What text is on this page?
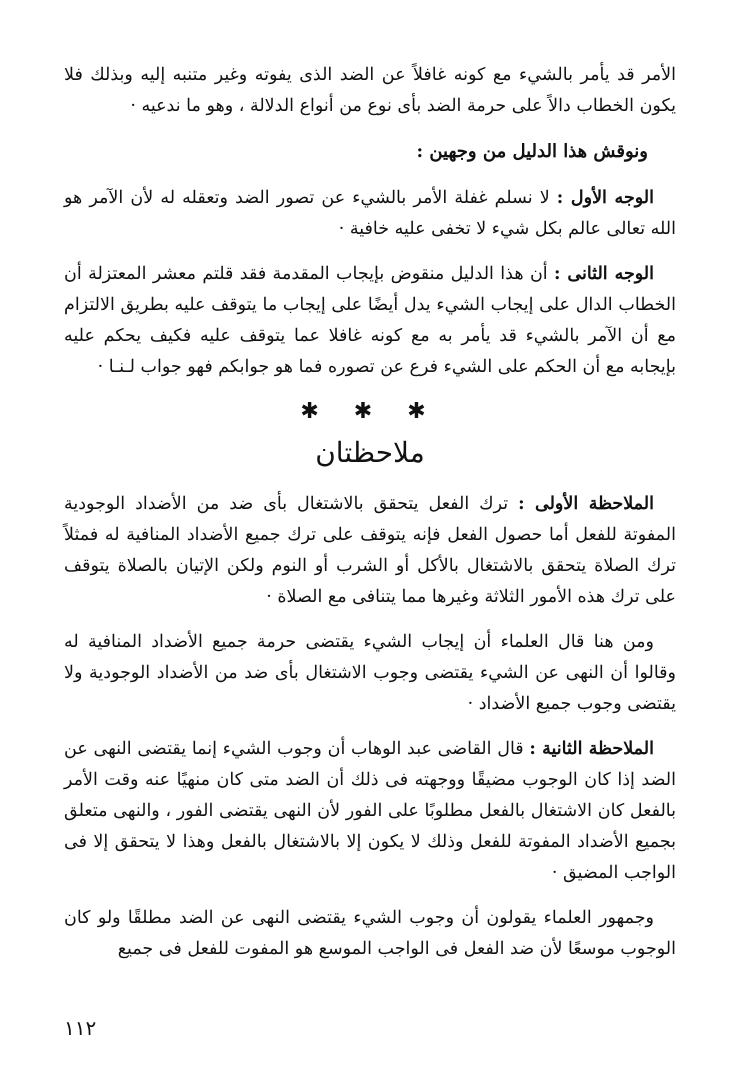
الأمر قد يأمر بالشيء مع كونه غافلاً عن الضد الذى يفوته وغير متنبه إليه وبذلك فلا يكون الخطاب دالاً على حرمة الضد بأى نوع من أنواع الدلالة ، وهو ما ندعيه ·

ونوقش هذا الدليل من وجهين :

الوجه الأول : لا نسلم غفلة الأمر بالشيء عن تصور الضد وتعقله له لأن الآمر هو الله تعالى عالم بكل شيء لا تخفى عليه خافية ·

الوجه الثانى : أن هذا الدليل منقوض بإيجاب المقدمة فقد قلتم معشر المعتزلة أن الخطاب الدال على إيجاب الشيء يدل أيضًا على إيجاب ما يتوقف عليه بطريق الالتزام مع أن الآمر بالشيء قد يأمر به مع كونه غافلا عما يتوقف عليه فكيف يحكم عليه بإيجابه مع أن الحكم على الشيء فرع عن تصوره فما هو جوابكم فهو جواب لـنـا ·

✱ ✱ ✱
ملاحظتان

الملاحظة الأولى : ترك الفعل يتحقق بالاشتغال بأى ضد من الأضداد الوجودية المفوتة للفعل أما حصول الفعل فإنه يتوقف على ترك جميع الأضداد المنافية له فمثلاً ترك الصلاة يتحقق بالاشتغال بالأكل أو الشرب أو النوم ولكن الإتيان بالصلاة يتوقف على ترك هذه الأمور الثلاثة وغيرها مما يتنافى مع الصلاة ·

ومن هنا قال العلماء أن إيجاب الشيء يقتضى حرمة جميع الأضداد المنافية له وقالوا أن النهى عن الشيء يقتضى وجوب الاشتغال بأى ضد من الأضداد الوجودية ولا يقتضى وجوب جميع الأضداد ·

الملاحظة الثانية : قال القاضى عبد الوهاب أن وجوب الشيء إنما يقتضى النهى عن الضد إذا كان الوجوب مضيقًا ووجهته فى ذلك أن الضد متى كان منهيًا عنه وقت الأمر بالفعل كان الاشتغال بالفعل مطلوبًا على الفور لأن النهى يقتضى الفور ، والنهى متعلق بجميع الأضداد المفوتة للفعل وذلك لا يكون إلا بالاشتغال بالفعل وهذا لا يتحقق إلا فى الواجب المضيق ·

وجمهور العلماء يقولون أن وجوب الشيء يقتضى النهى عن الضد مطلقًا ولو كان الوجوب موسعًا لأن ضد الفعل فى الواجب الموسع هو المفوت للفعل فى جميع

١١٢
